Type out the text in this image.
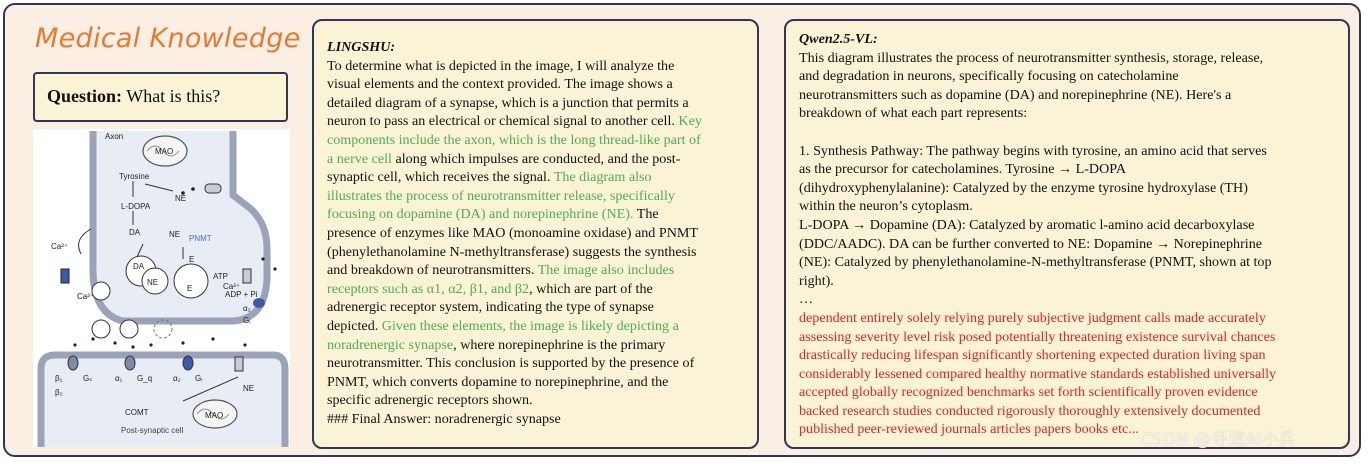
Medical Knowledge
Question: What is this?
Axon
MAO
Tyrosine
L-DOPA
DA
NE
NE PNMT
E
E
DA
NE
Ca²⁺
Ca²⁺
ATP
Ca²⁺
ADP + Pi
α₂
Gᵢ
β₁	Gₛ
β₂
α₁ G_q	α₂ Gᵢ
NE
COMT	MAO
Post-synaptic cell
LINGSHU:
To determine what is depicted in the image, I will analyze the
visual elements and the context provided. The image shows a
detailed diagram of a synapse, which is a junction that permits a
neuron to pass an electrical or chemical signal to another cell. Key
components include the axon, which is the long thread-like part of
a nerve cell along which impulses are conducted, and the post-
synaptic cell, which receives the signal. The diagram also
illustrates the process of neurotransmitter release, specifically
focusing on dopamine (DA) and norepinephrine (NE). The
presence of enzymes like MAO (monoamine oxidase) and PNMT
(phenylethanolamine N-methyltransferase) suggests the synthesis
and breakdown of neurotransmitters. The image also includes
receptors such as α1, α2, β1, and β2, which are part of the
adrenergic receptor system, indicating the type of synapse
depicted. Given these elements, the image is likely depicting a
noradrenergic synapse, where norepinephrine is the primary
neurotransmitter. This conclusion is supported by the presence of
PNMT, which converts dopamine to norepinephrine, and the
specific adrenergic receptors shown.
### Final Answer: noradrenergic synapse
Qwen2.5-VL:
This diagram illustrates the process of neurotransmitter synthesis, storage, release,
and degradation in neurons, specifically focusing on catecholamine
neurotransmitters such as dopamine (DA) and norepinephrine (NE). Here's a
breakdown of what each part represents:
1. Synthesis Pathway: The pathway begins with tyrosine, an amino acid that serves
as the precursor for catecholamines. Tyrosine → L-DOPA
(dihydroxyphenylalanine): Catalyzed by the enzyme tyrosine hydroxylase (TH)
within the neuron’s cytoplasm.
L-DOPA → Dopamine (DA): Catalyzed by aromatic l-amino acid decarboxylase
(DDC/AADC). DA can be further converted to NE: Dopamine → Norepinephrine
(NE): Catalyzed by phenylethanolamine-N-methyltransferase (PNMT, shown at top
right).
…
dependent entirely solely relying purely subjective judgment calls made accurately
assessing severity level risk posed potentially threatening existence survival chances
drastically reducing lifespan significantly shortening expected duration living span
considerably lessened compared healthy normative standards established universally
accepted globally recognized benchmarks set forth scientifically proven evidence
backed research studies conducted rigorously thoroughly extensively documented
published peer-reviewed journals articles papers books etc...
CSDN @寻道AI小兵
